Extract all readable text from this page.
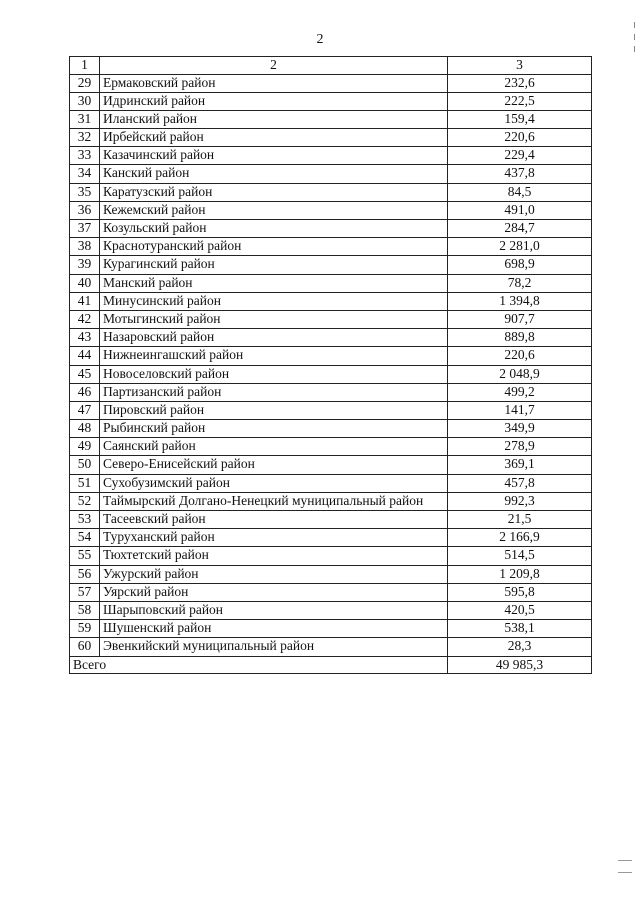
2
1	2	3
29	Ермаковский район	232,6
30	Идринский район	222,5
31	Иланский район	159,4
32	Ирбейский район	220,6
33	Казачинский район	229,4
34	Канский район	437,8
35	Каратузский район	84,5
36	Кежемский район	491,0
37	Козульский район	284,7
38	Краснотуранский район	2 281,0
39	Курагинский район	698,9
40	Манский район	78,2
41	Минусинский район	1 394,8
42	Мотыгинский район	907,7
43	Назаровский район	889,8
44	Нижнеингашский район	220,6
45	Новоселовский район	2 048,9
46	Партизанский район	499,2
47	Пировский район	141,7
48	Рыбинский район	349,9
49	Саянский район	278,9
50	Северо-Енисейский район	369,1
51	Сухобузимский район	457,8
52	Таймырский Долгано-Ненецкий муниципальный район	992,3
53	Тасеевский район	21,5
54	Туруханский район	2 166,9
55	Тюхтетский район	514,5
56	Ужурский район	1 209,8
57	Уярский район	595,8
58	Шарыповский район	420,5
59	Шушенский район	538,1
60	Эвенкийский муниципальный район	28,3
Всего		49 985,3
